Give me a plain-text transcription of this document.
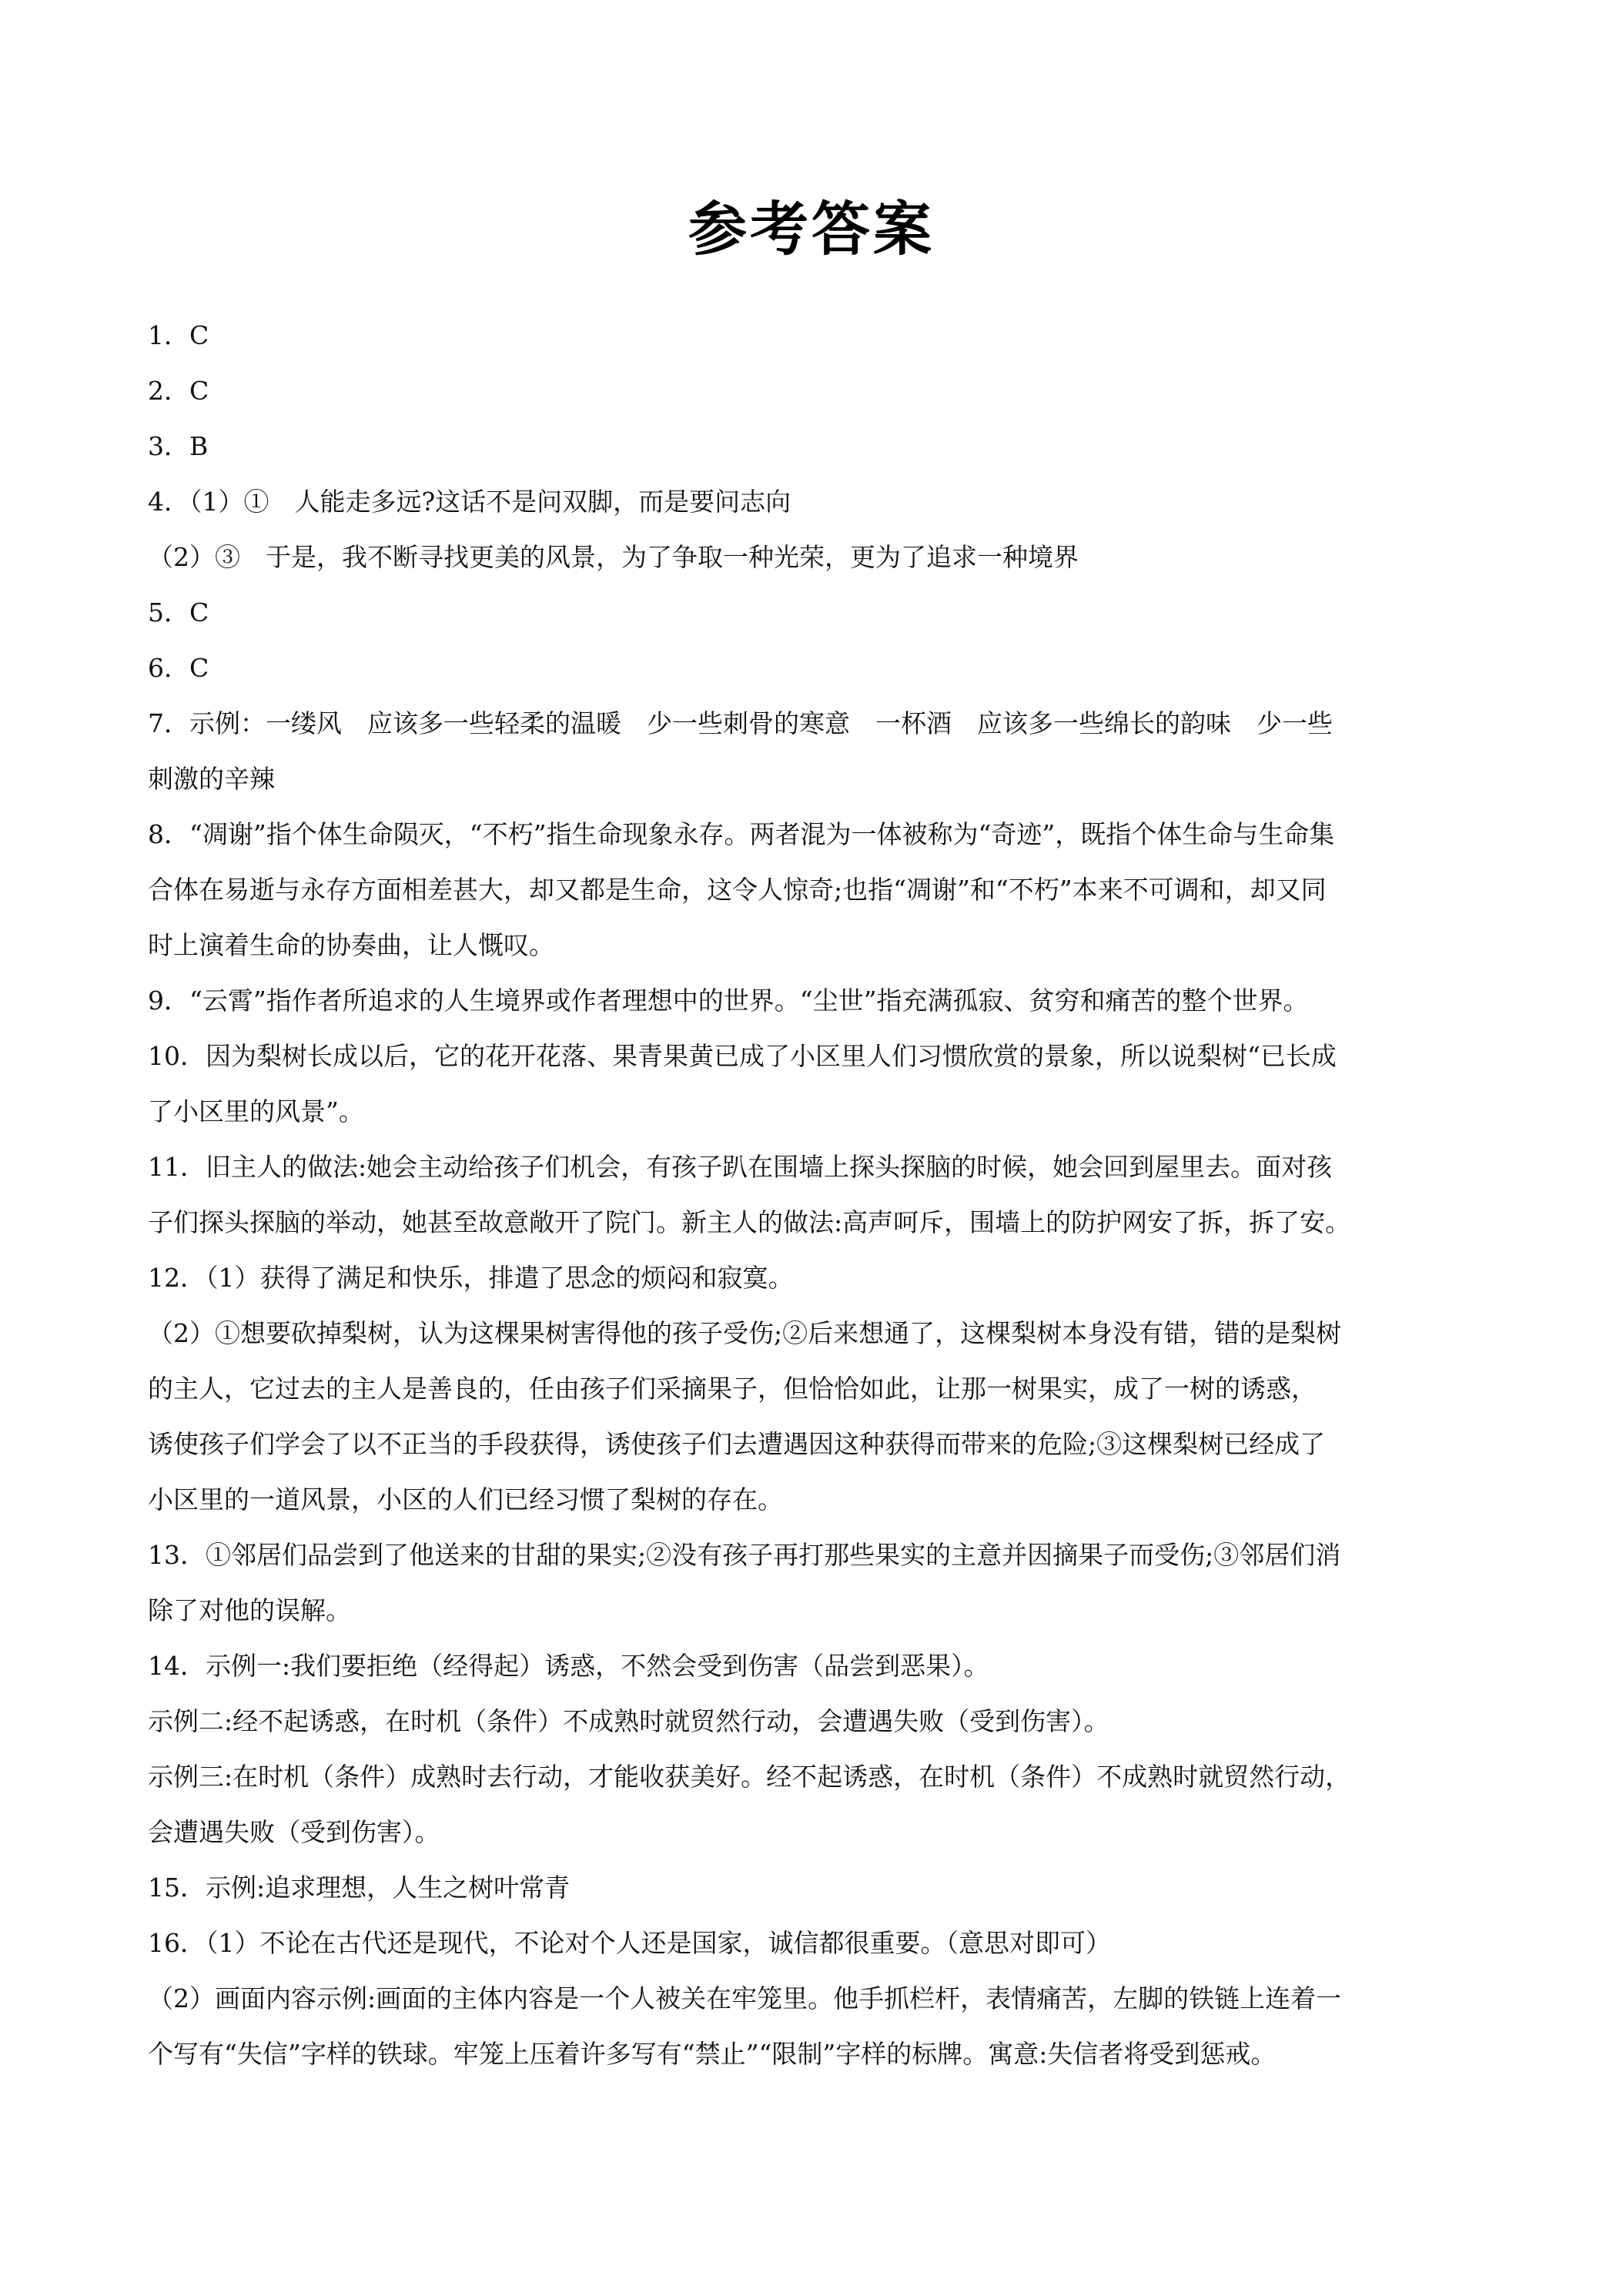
参考答案
1．C
2．C
3．B
4．（1）①　人能走多远?这话不是问双脚，而是要问志向
（2）③　于是，我不断寻找更美的风景，为了争取一种光荣，更为了追求一种境界
5．C
6．C
7．示例：一缕风　应该多一些轻柔的温暖　少一些刺骨的寒意　一杯酒　应该多一些绵长的韵味　少一些
刺激的辛辣
8．“凋谢”指个体生命陨灭，“不朽”指生命现象永存。两者混为一体被称为“奇迹”，既指个体生命与生命集
合体在易逝与永存方面相差甚大，却又都是生命，这令人惊奇;也指“凋谢”和“不朽”本来不可调和，却又同
时上演着生命的协奏曲，让人慨叹。
9．“云霄”指作者所追求的人生境界或作者理想中的世界。“尘世”指充满孤寂、贫穷和痛苦的整个世界。
10．因为梨树长成以后，它的花开花落、果青果黄已成了小区里人们习惯欣赏的景象，所以说梨树“已长成
了小区里的风景”。
11．旧主人的做法:她会主动给孩子们机会，有孩子趴在围墙上探头探脑的时候，她会回到屋里去。面对孩
子们探头探脑的举动，她甚至故意敞开了院门。新主人的做法:高声呵斥，围墙上的防护网安了拆，拆了安。
12．（1）获得了满足和快乐，排遣了思念的烦闷和寂寞。
（2）①想要砍掉梨树，认为这棵果树害得他的孩子受伤;②后来想通了，这棵梨树本身没有错，错的是梨树
的主人，它过去的主人是善良的，任由孩子们采摘果子，但恰恰如此，让那一树果实，成了一树的诱惑，
诱使孩子们学会了以不正当的手段获得，诱使孩子们去遭遇因这种获得而带来的危险;③这棵梨树已经成了
小区里的一道风景，小区的人们已经习惯了梨树的存在。
13．①邻居们品尝到了他送来的甘甜的果实;②没有孩子再打那些果实的主意并因摘果子而受伤;③邻居们消
除了对他的误解。
14．示例一:我们要拒绝（经得起）诱惑，不然会受到伤害（品尝到恶果）。
示例二:经不起诱惑，在时机（条件）不成熟时就贸然行动，会遭遇失败（受到伤害）。
示例三:在时机（条件）成熟时去行动，才能收获美好。经不起诱惑，在时机（条件）不成熟时就贸然行动，
会遭遇失败（受到伤害）。
15．示例:追求理想，人生之树叶常青
16．（1）不论在古代还是现代，不论对个人还是国家，诚信都很重要。（意思对即可）
（2）画面内容示例:画面的主体内容是一个人被关在牢笼里。他手抓栏杆，表情痛苦，左脚的铁链上连着一
个写有“失信”字样的铁球。牢笼上压着许多写有“禁止”“限制”字样的标牌。寓意:失信者将受到惩戒。
